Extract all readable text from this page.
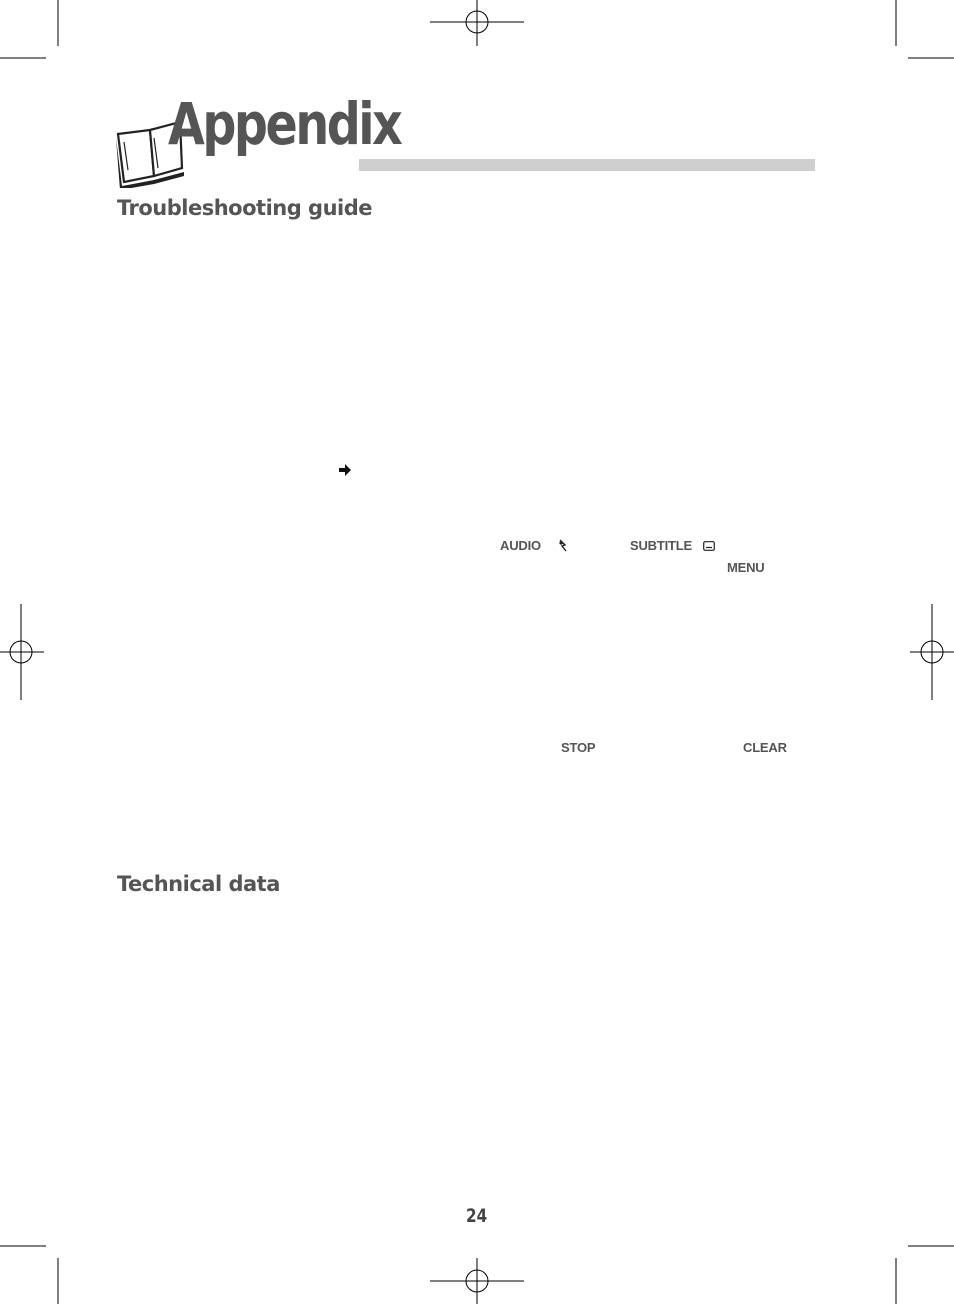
Appendix
Troubleshooting guide
Technical data
AUDIO	SUBTITLE
MENU
STOP	CLEAR
24
